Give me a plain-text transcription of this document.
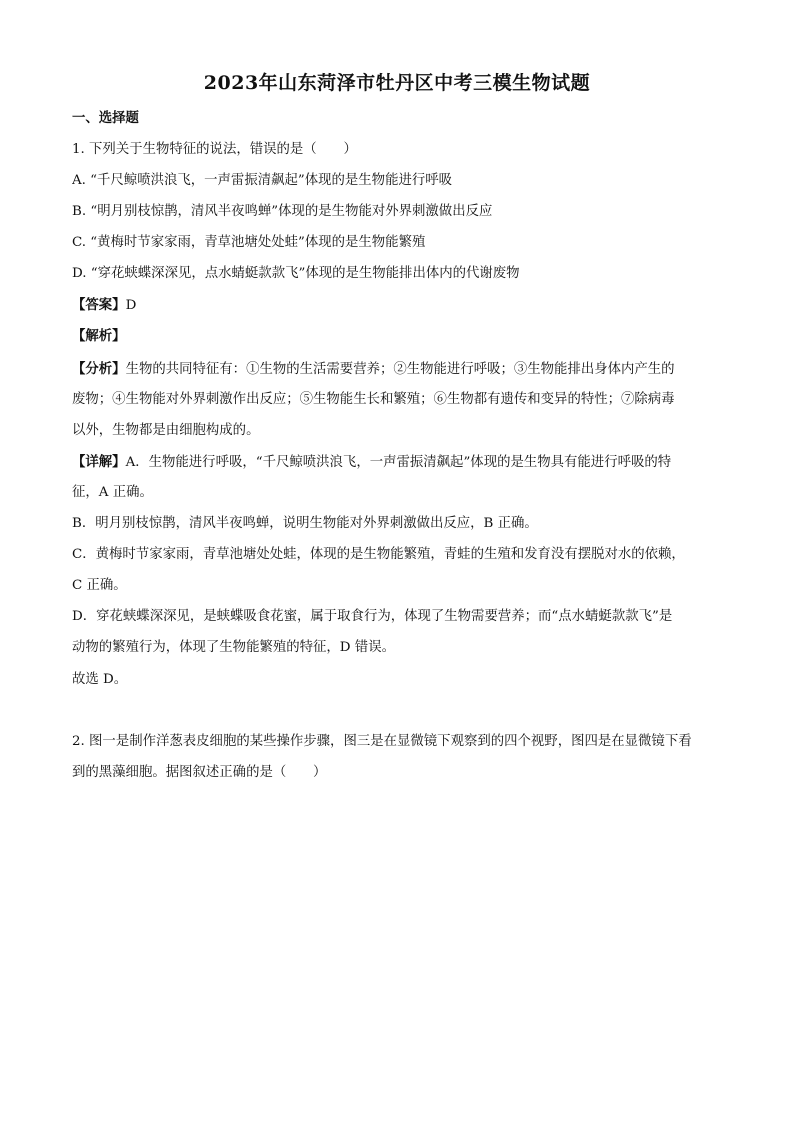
2023年山东菏泽市牡丹区中考三模生物试题
一、选择题
1. 下列关于生物特征的说法，错误的是（　　）
A. “千尺鲸喷洪浪飞，一声雷振清飙起”体现的是生物能进行呼吸
B. “明月别枝惊鹊，清风半夜鸣蝉”体现的是生物能对外界刺激做出反应
C. “黄梅时节家家雨，青草池塘处处蛙”体现的是生物能繁殖
D. “穿花蛱蝶深深见，点水蜻蜓款款飞”体现的是生物能排出体内的代谢废物
【答案】D
【解析】
【分析】生物的共同特征有：①生物的生活需要营养；②生物能进行呼吸；③生物能排出身体内产生的
废物；④生物能对外界刺激作出反应；⑤生物能生长和繁殖；⑥生物都有遗传和变异的特性；⑦除病毒
以外，生物都是由细胞构成的。
【详解】A．生物能进行呼吸，“千尺鲸喷洪浪飞，一声雷振清飙起”体现的是生物具有能进行呼吸的特
征，A 正确。
B．明月别枝惊鹊，清风半夜鸣蝉，说明生物能对外界刺激做出反应，B 正确。
C．黄梅时节家家雨，青草池塘处处蛙，体现的是生物能繁殖，青蛙的生殖和发育没有摆脱对水的依赖，
C 正确。
D．穿花蛱蝶深深见，是蛱蝶吸食花蜜，属于取食行为，体现了生物需要营养；而“点水蜻蜓款款飞”是
动物的繁殖行为，体现了生物能繁殖的特征，D 错误。
故选 D。
2. 图一是制作洋葱表皮细胞的某些操作步骤，图三是在显微镜下观察到的四个视野，图四是在显微镜下看
到的黑藻细胞。据图叙述正确的是（　　）
